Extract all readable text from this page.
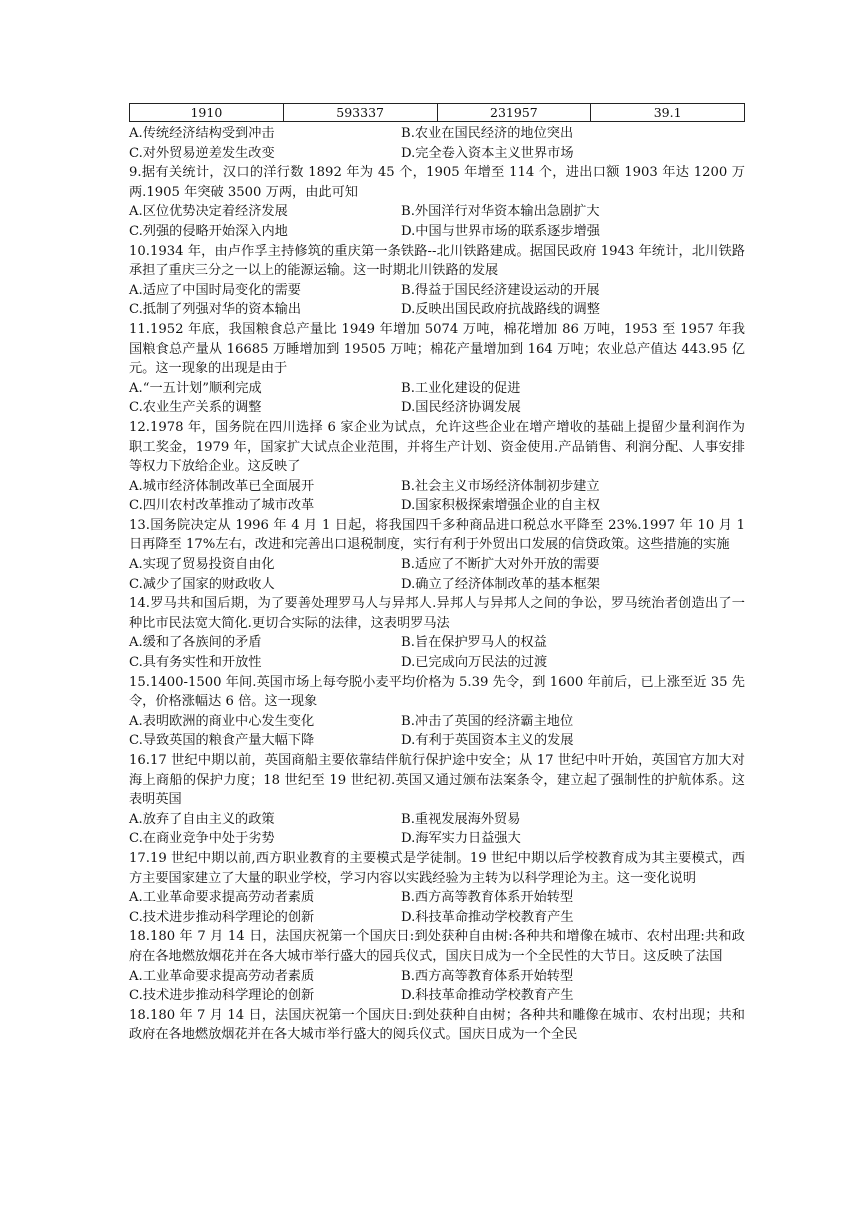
1910	593337	231957	39.1
A.传统经济结构受到冲击	B.农业在国民经济的地位突出
C.对外贸易逆差发生改变	D.完全卷入资本主义世界市场

9.据有关统计，汉口的洋行数 1892 年为 45 个，1905 年增至 114 个，进出口额 1903 年达 1200 万两.1905 年突破 3500 万两，由此可知

A.区位优势决定着经济发展	B.外国洋行对华资本输出急剧扩大
C.列强的侵略开始深入内地	D.中国与世界市场的联系逐步增强

10.1934 年，由卢作孚主持修筑的重庆第一条铁路--北川铁路建成。据国民政府 1943 年统计，北川铁路承担了重庆三分之一以上的能源运输。这一时期北川铁路的发展

A.适应了中国时局变化的需要	B.得益于国民经济建设运动的开展
C.抵制了列强对华的资本输出	D.反映出国民政府抗战路线的调整

11.1952 年底，我国粮食总产量比 1949 年增加 5074 万吨，棉花增加 86 万吨，1953 至 1957 年我国粮食总产量从 16685 万睡增加到 19505 万吨；棉花产量增加到 164 万吨；农业总产值达 443.95 亿元。这一现象的出现是由于

A.“一五计划”顺利完成	B.工业化建设的促进
C.农业生产关系的调整	D.国民经济协调发展

12.1978 年，国务院在四川选择 6 家企业为试点，允许这些企业在增产增收的基础上提留少量利润作为职工奖金，1979 年，国家扩大试点企业范围，并将生产计划、资金使用.产品销售、利润分配、人事安排等权力下放给企业。这反映了

A.城市经济体制改革已全面展开	B.社会主义市场经济体制初步建立
C.四川农村改革推动了城市改革	D.国家积极探索增强企业的自主权

13.国务院决定从 1996 年 4 月 1 日起，将我国四千多种商品进口税总水平降至 23%.1997 年 10 月 1 日再降至 17%左右，改进和完善出口退税制度，实行有利于外贸出口发展的信贷政策。这些措施的实施

A.实现了贸易投资自由化	B.适应了不断扩大对外开放的需要
C.减少了国家的财政收人	D.确立了经济体制改革的基本框架

14.罗马共和国后期，为了要善处理罗马人与异邦人.异邦人与异邦人之间的争讼，罗马统治者创造出了一种比市民法宽大简化.更切合实际的法律，这表明罗马法

A.缓和了各族间的矛盾	B.旨在保护罗马人的权益
C.具有务实性和开放性	D.已完成向万民法的过渡

15.1400-1500 年间.英国市场上每夸脱小麦平均价格为 5.39 先令，到 1600 年前后，已上涨至近 35 先令，价格涨幅达 6 倍。这一现象

A.表明欧洲的商业中心发生变化	B.冲击了英国的经济霸主地位
C.导致英国的粮食产量大幅下降	D.有利于英国资本主义的发展

16.17 世纪中期以前，英国商船主要依靠结伴航行保护途中安全；从 17 世纪中叶开始，英国官方加大对海上商船的保护力度；18 世纪至 19 世纪初.英国又通过颁布法案条令，建立起了强制性的护航体系。这表明英国

A.放弃了自由主义的政策	B.重视发展海外贸易
C.在商业竞争中处于劣势	D.海军实力日益强大

17.19 世纪中期以前,西方职业教育的主要模式是学徒制。19 世纪中期以后学校教育成为其主要模式，西方主要国家建立了大量的职业学校，学习内容以实践经验为主转为以科学理论为主。这一变化说明

A.工业革命要求提高劳动者素质	B.西方高等教育体系开始转型
C.技术进步推动科学理论的创新	D.科技革命推动学校教育产生

18.180 年 7 月 14 日，法国庆祝第一个国庆日:到处获种自由树:各种共和增像在城市、农村出理:共和政府在各地燃放烟花并在各大城市举行盛大的园兵仪式，国庆日成为一个全民性的大节日。这反映了法国

A.工业革命要求提高劳动者素质	B.西方高等教育体系开始转型
C.技术进步推动科学理论的创新	D.科技革命推动学校教育产生

18.180 年 7 月 14 日，法国庆祝第一个国庆日:到处获种自由树；各种共和雕像在城市、农村出现；共和政府在各地燃放烟花并在各大城市举行盛大的阅兵仪式。国庆日成为一个全民
